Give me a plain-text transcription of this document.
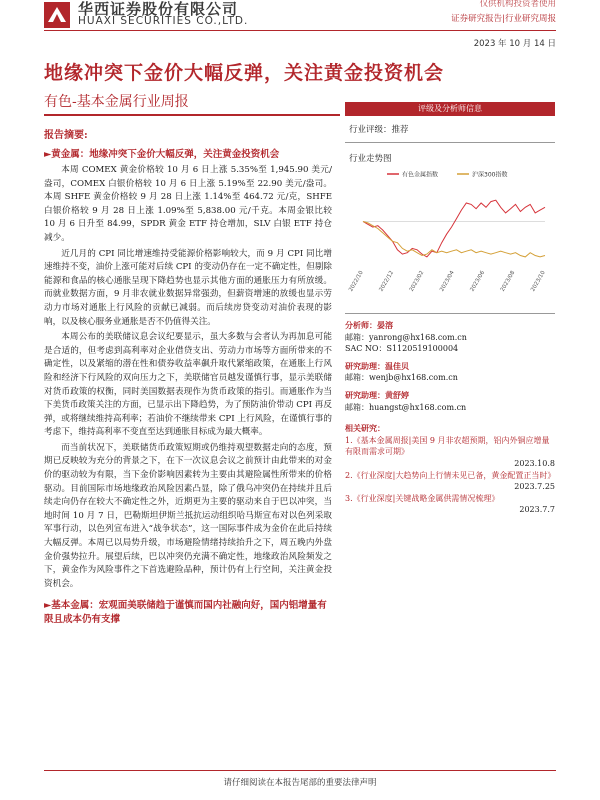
华西证券股份有限公司
HUAXI SECURITIES CO.,LTD.
仅供机构投资者使用
证券研究报告|行业研究周报
2023 年 10 月 14 日
地缘冲突下金价大幅反弹，关注黄金投资机会
有色-基本金属行业周报
报告摘要:
►黄金属：地缘冲突下金价大幅反弹，关注黄金投资机会

本周 COMEX 黄金价格较 10 月 6 日上涨 5.35%至 1,945.90 美元/盎司，COMEX 白银价格较 10 月 6 日上涨 5.19%至 22.90 美元/盎司。本周 SHFE 黄金价格较 9 月 28 日上涨 1.14%至 464.72 元/克，SHFE 白银价格较 9 月 28 日上涨 1.09%至 5,838.00 元/千克。本周金银比较 10 月 6 日升至 84.99，SPDR 黄金 ETF 持仓增加，SLV 白银 ETF 持仓减少。

近几月的 CPI 同比增速维持受能源价格影响较大，而 9 月 CPI 同比增速维持不变，油价上涨可能对后续 CPI 的变动仍存在一定不确定性，但剔除能源和食品的核心通胀呈现下降趋势也显示其他方面的通胀压力有所放缓。而就业数据方面，9 月非农就业数据异常强劲，但薪资增速的放缓也显示劳动力市场对通胀上行风险的贡献已减弱。而后续房贷变动对油价表现的影响，以及核心服务业通胀是否不仍值得关注。

本周公布的美联储议息会议纪要显示，虽大多数与会者认为再加息可能是合适的，但考虑到高利率对企业借贷支出、劳动力市场等方面所带来的不确定性，以及紧缩的潜在性和债券收益率飙升取代紧缩政策，在通胀上行风险和经济下行风险的双向压力之下，美联储官员越发谨慎行事，显示美联储对货币政策的权衡，同时美国数据表现作为货币政策的指引。而通胀作为当下美货币政策关注的方面，已显示出下降趋势，为了预防油价带动 CPI 再反弹，或将继续维持高利率；若油价不继续带来 CPI 上行风险，在谨慎行事的考虑下，维持高利率不变直至达到通胀目标成为最大概率。

而当前状况下，美联储货币政策短期或仍维持观望数据走向的态度，预期已反映较为充分的背景之下，在下一次议息会议之前预计由此带来的对金价的驱动较为有限，当下金价影响因素转为主要由其避险属性所带来的价格驱动。目前国际市场地缘政治风险因素凸显，除了俄乌冲突仍在持续并且后续走向仍存在较大不确定性之外，近期更为主要的驱动来自于巴以冲突，当地时间 10 月 7 日，巴勒斯坦伊斯兰抵抗运动组织哈马斯宣布对以色列采取军事行动，以色列宣布进入“战争状态”，这一国际事件成为金价在此后持续大幅反弹。本周已以局势升级，市场避险情绪持续抬升之下，周五晚内外盘金价强势拉升。展望后续，巴以冲突仍充满不确定性，地缘政治风险频发之下，黄金作为风险事件之下首选避险品种，预计仍有上行空间，关注黄金投资机会。

►基本金属：宏观面美联储趋于谨慎而国内社融向好，国内铝增量有限且成本仍有支撑
评级及分析师信息
行业评级：推荐
行业走势图
有色金属指数	沪深300指数
2022/10 2022/12 2023/02 2023/04 2023/06 2023/08 2023/10
分析师：晏溶
邮箱：yanrong@hx168.com.cn
SAC NO：S1120519100004
研究助理：温佳贝
邮箱：wenjb@hx168.com.cn
研究助理：黄舒婷
邮箱：huangst@hx168.com.cn
相关研究：
1.《基本金属周报|美国 9 月非农超预期，铝内外铜应增量有限而需求可期》
2023.10.8
2.《行业深度|大趋势向上行情未见已备，黄金配置正当时》
2023.7.25
3.《行业深度|关键战略金属供需情况梳理》
2023.7.7
请仔细阅读在本报告尾部的重要法律声明
